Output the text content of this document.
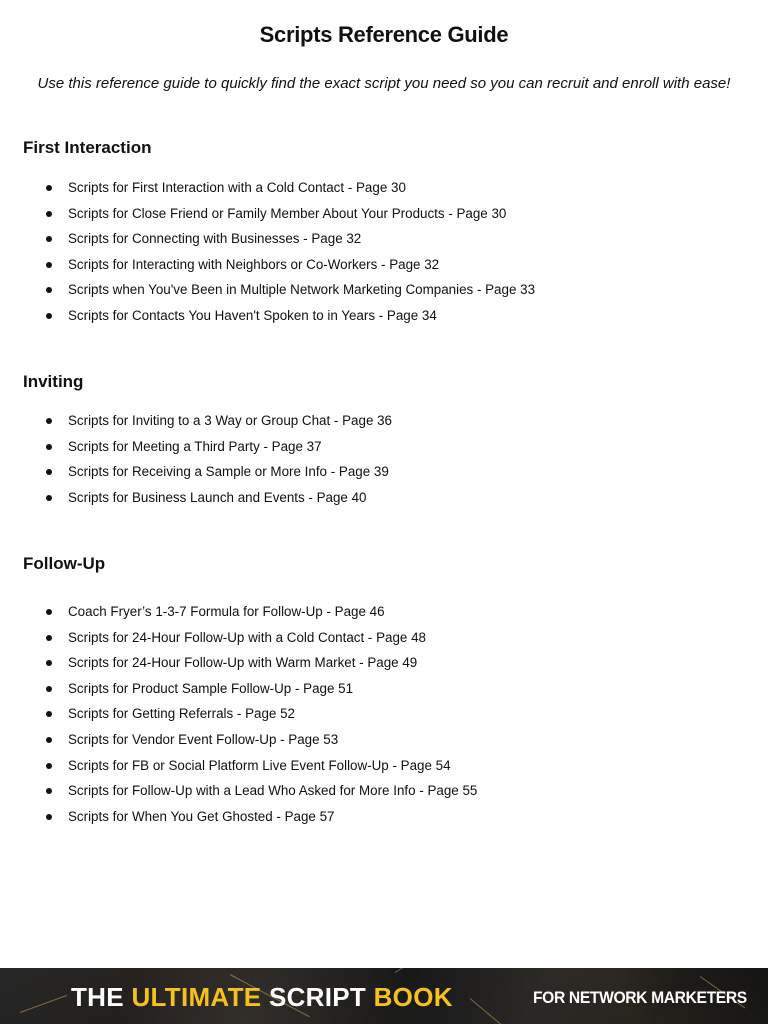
Scripts Reference Guide

Use this reference guide to quickly find the exact script you need so you can recruit and enroll with ease!

First Interaction
Scripts for First Interaction with a Cold Contact - Page 30
Scripts for Close Friend or Family Member About Your Products - Page 30
Scripts for Connecting with Businesses - Page 32
Scripts for Interacting with Neighbors or Co-Workers - Page 32
Scripts when You've Been in Multiple Network Marketing Companies - Page 33
Scripts for Contacts You Haven't Spoken to in Years - Page 34
Inviting
Scripts for Inviting to a 3 Way or Group Chat - Page 36
Scripts for Meeting a Third Party - Page 37
Scripts for Receiving a Sample or More Info - Page 39
Scripts for Business Launch and Events - Page 40
Follow-Up
Coach Fryer’s 1-3-7 Formula for Follow-Up - Page 46
Scripts for 24-Hour Follow-Up with a Cold Contact - Page 48
Scripts for 24-Hour Follow-Up with Warm Market - Page 49
Scripts for Product Sample Follow-Up - Page 51
Scripts for Getting Referrals - Page 52
Scripts for Vendor Event Follow-Up - Page 53
Scripts for FB or Social Platform Live Event Follow-Up - Page 54
Scripts for Follow-Up with a Lead Who Asked for More Info - Page 55
Scripts for When You Get Ghosted - Page 57
THE ULTIMATE SCRIPT BOOK	FOR NETWORK MARKETERS
